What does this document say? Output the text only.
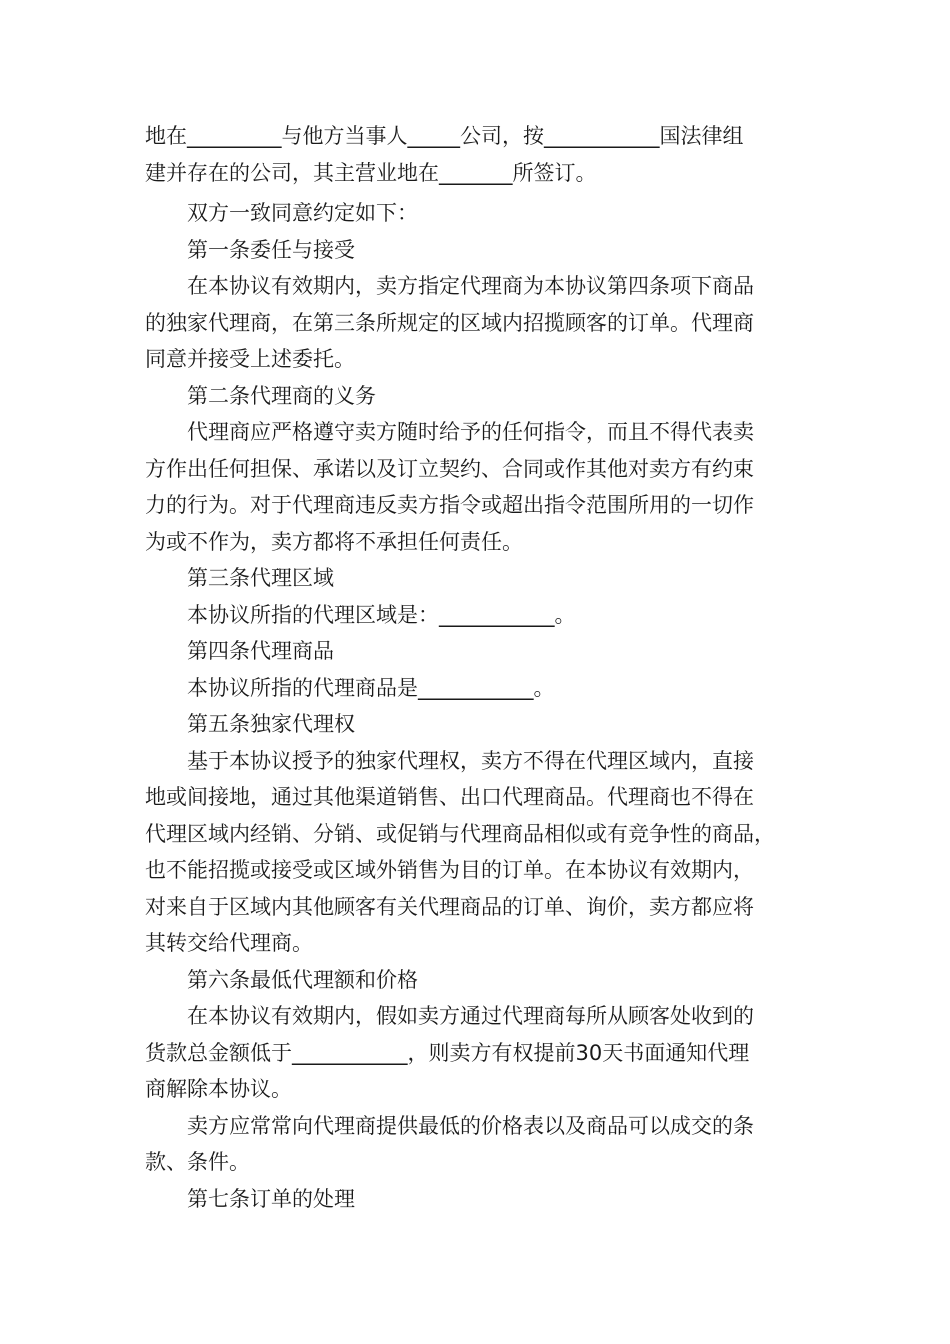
地在_________与他方当事人_____公司，按___________国法律组

建并存在的公司，其主营业地在_______所签订。

双方一致同意约定如下：

第一条委任与接受

在本协议有效期内，卖方指定代理商为本协议第四条项下商品

的独家代理商，在第三条所规定的区域内招揽顾客的订单。代理商

同意并接受上述委托。

第二条代理商的义务

代理商应严格遵守卖方随时给予的任何指令，而且不得代表卖

方作出任何担保、承诺以及订立契约、合同或作其他对卖方有约束

力的行为。对于代理商违反卖方指令或超出指令范围所用的一切作

为或不作为，卖方都将不承担任何责任。

第三条代理区域

本协议所指的代理区域是：___________。

第四条代理商品

本协议所指的代理商品是___________。

第五条独家代理权

基于本协议授予的独家代理权，卖方不得在代理区域内，直接

地或间接地，通过其他渠道销售、出口代理商品。代理商也不得在

代理区域内经销、分销、或促销与代理商品相似或有竞争性的商品，

也不能招揽或接受或区域外销售为目的订单。在本协议有效期内，

对来自于区域内其他顾客有关代理商品的订单、询价，卖方都应将

其转交给代理商。

第六条最低代理额和价格

在本协议有效期内，假如卖方通过代理商每所从顾客处收到的

货款总金额低于___________，则卖方有权提前30天书面通知代理

商解除本协议。

卖方应常常向代理商提供最低的价格表以及商品可以成交的条

款、条件。

第七条订单的处理
